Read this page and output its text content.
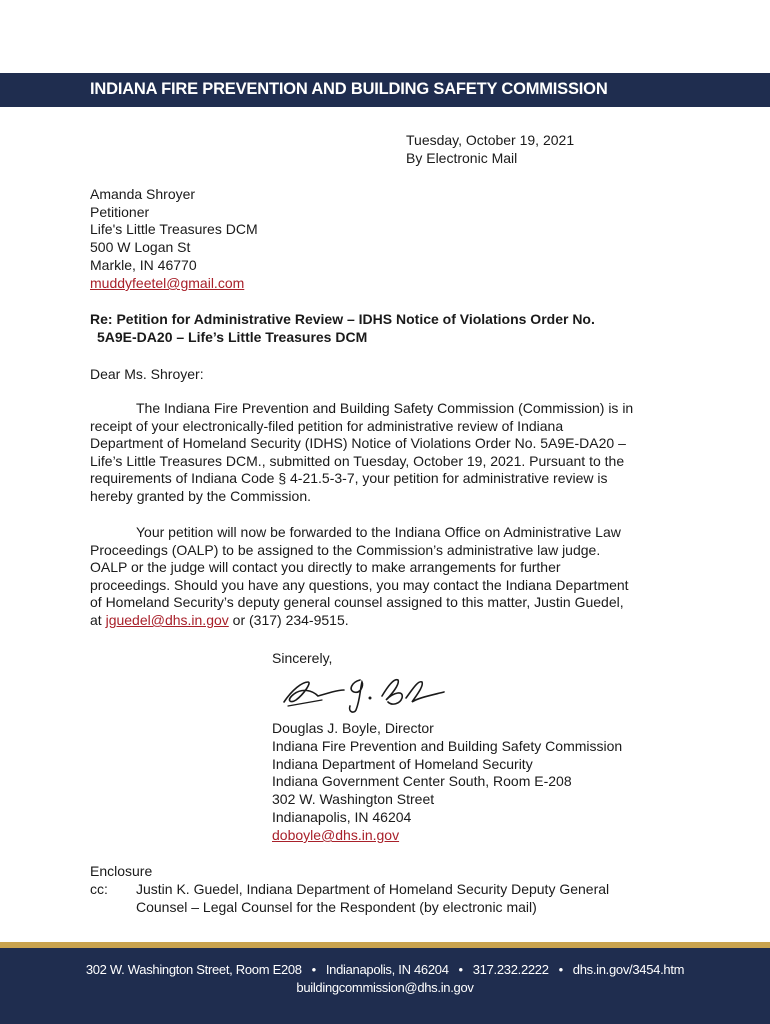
INDIANA FIRE PREVENTION AND BUILDING SAFETY COMMISSION
Tuesday, October 19, 2021
By Electronic Mail
Amanda Shroyer
Petitioner
Life's Little Treasures DCM
500 W Logan St
Markle, IN 46770
muddyfeetel@gmail.com
Re: Petition for Administrative Review – IDHS Notice of Violations Order No.
5A9E-DA20 – Life’s Little Treasures DCM
Dear Ms. Shroyer:
The Indiana Fire Prevention and Building Safety Commission (Commission) is in
receipt of your electronically-filed petition for administrative review of Indiana
Department of Homeland Security (IDHS) Notice of Violations Order No. 5A9E-DA20 –
Life’s Little Treasures DCM., submitted on Tuesday, October 19, 2021. Pursuant to the
requirements of Indiana Code § 4-21.5-3-7, your petition for administrative review is
hereby granted by the Commission.
Your petition will now be forwarded to the Indiana Office on Administrative Law
Proceedings (OALP) to be assigned to the Commission’s administrative law judge.
OALP or the judge will contact you directly to make arrangements for further
proceedings. Should you have any questions, you may contact the Indiana Department
of Homeland Security’s deputy general counsel assigned to this matter, Justin Guedel,
at jguedel@dhs.in.gov or (317) 234-9515.
Sincerely,
Douglas J. Boyle, Director
Indiana Fire Prevention and Building Safety Commission
Indiana Department of Homeland Security
Indiana Government Center South, Room E-208
302 W. Washington Street
Indianapolis, IN 46204
doboyle@dhs.in.gov
Enclosure
cc: Justin K. Guedel, Indiana Department of Homeland Security Deputy General
Counsel – Legal Counsel for the Respondent (by electronic mail)
302 W. Washington Street, Room E208   •   Indianapolis, IN 46204   •   317.232.2222   •   dhs.in.gov/3454.htm
buildingcommission@dhs.in.gov
